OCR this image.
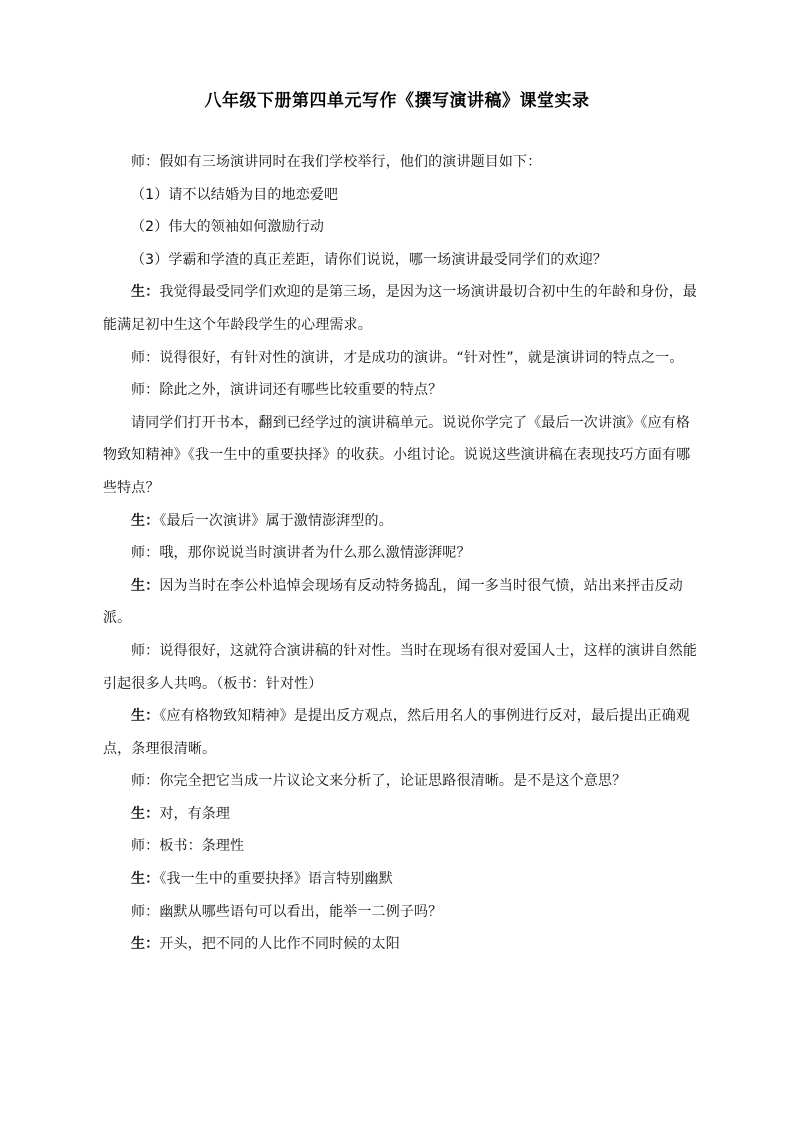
八年级下册第四单元写作《撰写演讲稿》课堂实录

师：假如有三场演讲同时在我们学校举行，他们的演讲题目如下：

（1）请不以结婚为目的地恋爱吧

（2）伟大的领袖如何激励行动

（3）学霸和学渣的真正差距，请你们说说，哪一场演讲最受同学们的欢迎？

生：我觉得最受同学们欢迎的是第三场，是因为这一场演讲最切合初中生的年龄和身份，最能满足初中生这个年龄段学生的心理需求。

师：说得很好，有针对性的演讲，才是成功的演讲。“针对性”，就是演讲词的特点之一。

师：除此之外，演讲词还有哪些比较重要的特点？

请同学们打开书本，翻到已经学过的演讲稿单元。说说你学完了《最后一次讲演》《应有格物致知精神》《我一生中的重要抉择》的收获。小组讨论。说说这些演讲稿在表现技巧方面有哪些特点？

生：《最后一次演讲》属于激情澎湃型的。

师：哦，那你说说当时演讲者为什么那么激情澎湃呢？

生：因为当时在李公朴追悼会现场有反动特务捣乱，闻一多当时很气愤，站出来抨击反动派。

师：说得很好，这就符合演讲稿的针对性。当时在现场有很对爱国人士，这样的演讲自然能引起很多人共鸣。（板书：针对性）

生：《应有格物致知精神》是提出反方观点，然后用名人的事例进行反对，最后提出正确观点，条理很清晰。

师：你完全把它当成一片议论文来分析了，论证思路很清晰。是不是这个意思？

生：对，有条理

师：板书：条理性

生：《我一生中的重要抉择》语言特别幽默

师：幽默从哪些语句可以看出，能举一二例子吗？

生：开头，把不同的人比作不同时候的太阳
